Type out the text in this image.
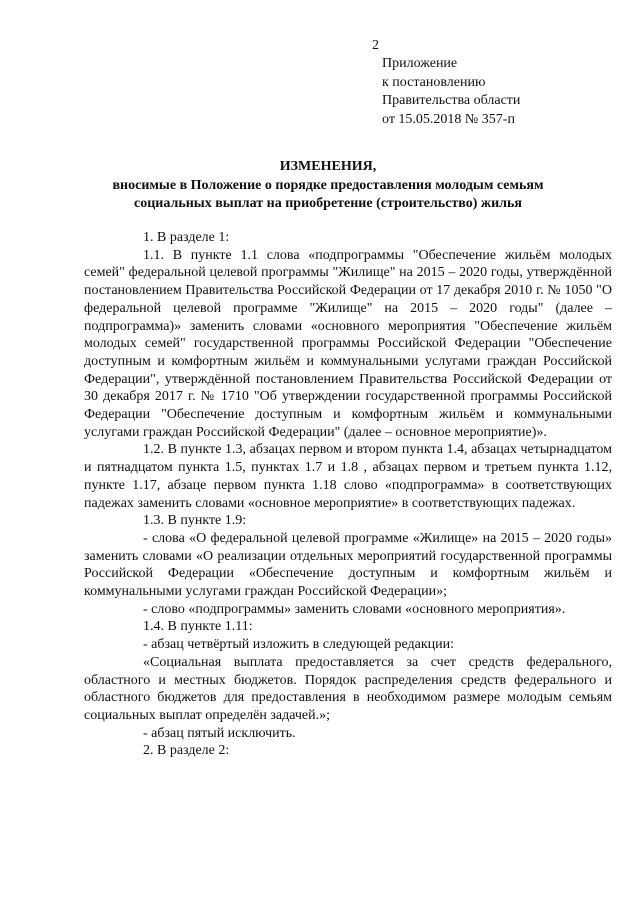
2
Приложение
к постановлению
Правительства области
от 15.05.2018 № 357-п
ИЗМЕНЕНИЯ,
вносимые в Положение о порядке предоставления молодым семьям социальных выплат на приобретение (строительство) жилья

1. В разделе 1:

1.1. В пункте 1.1 слова «подпрограммы "Обеспечение жильём молодых семей" федеральной целевой программы "Жилище" на 2015 – 2020 годы, утверждённой постановлением Правительства Российской Федерации от 17 декабря 2010 г. № 1050 "О федеральной целевой программе "Жилище" на 2015 – 2020 годы" (далее – подпрограмма)» заменить словами «основного мероприятия "Обеспечение жильём молодых семей" государственной программы Российской Федерации "Обеспечение доступным и комфортным жильём и коммунальными услугами граждан Российской Федерации", утверждённой постановлением Правительства Российской Федерации от 30 декабря 2017 г. № 1710 "Об утверждении государственной программы Российской Федерации "Обеспечение доступным и комфортным жильём и коммунальными услугами граждан Российской Федерации" (далее – основное мероприятие)».

1.2. В пункте 1.3, абзацах первом и втором пункта 1.4, абзацах четырнадцатом и пятнадцатом пункта 1.5, пунктах 1.7 и 1.8 , абзацах первом и третьем пункта 1.12, пункте 1.17, абзаце первом пункта 1.18 слово «подпрограмма» в соответствующих падежах заменить словами «основное мероприятие» в соответствующих падежах.

1.3. В пункте 1.9:

- слова «О федеральной целевой программе «Жилище» на 2015 – 2020 годы» заменить словами «О реализации отдельных мероприятий государственной программы Российской Федерации «Обеспечение доступным и комфортным жильём и коммунальными услугами граждан Российской Федерации»;

- слово «подпрограммы» заменить словами «основного мероприятия».

1.4. В пункте 1.11:

- абзац четвёртый изложить в следующей редакции:

«Социальная выплата предоставляется за счет средств федерального, областного и местных бюджетов. Порядок распределения средств федерального и областного бюджетов для предоставления в необходимом размере молодым семьям социальных выплат определён задачей.»;

- абзац пятый исключить.

2. В разделе 2:
